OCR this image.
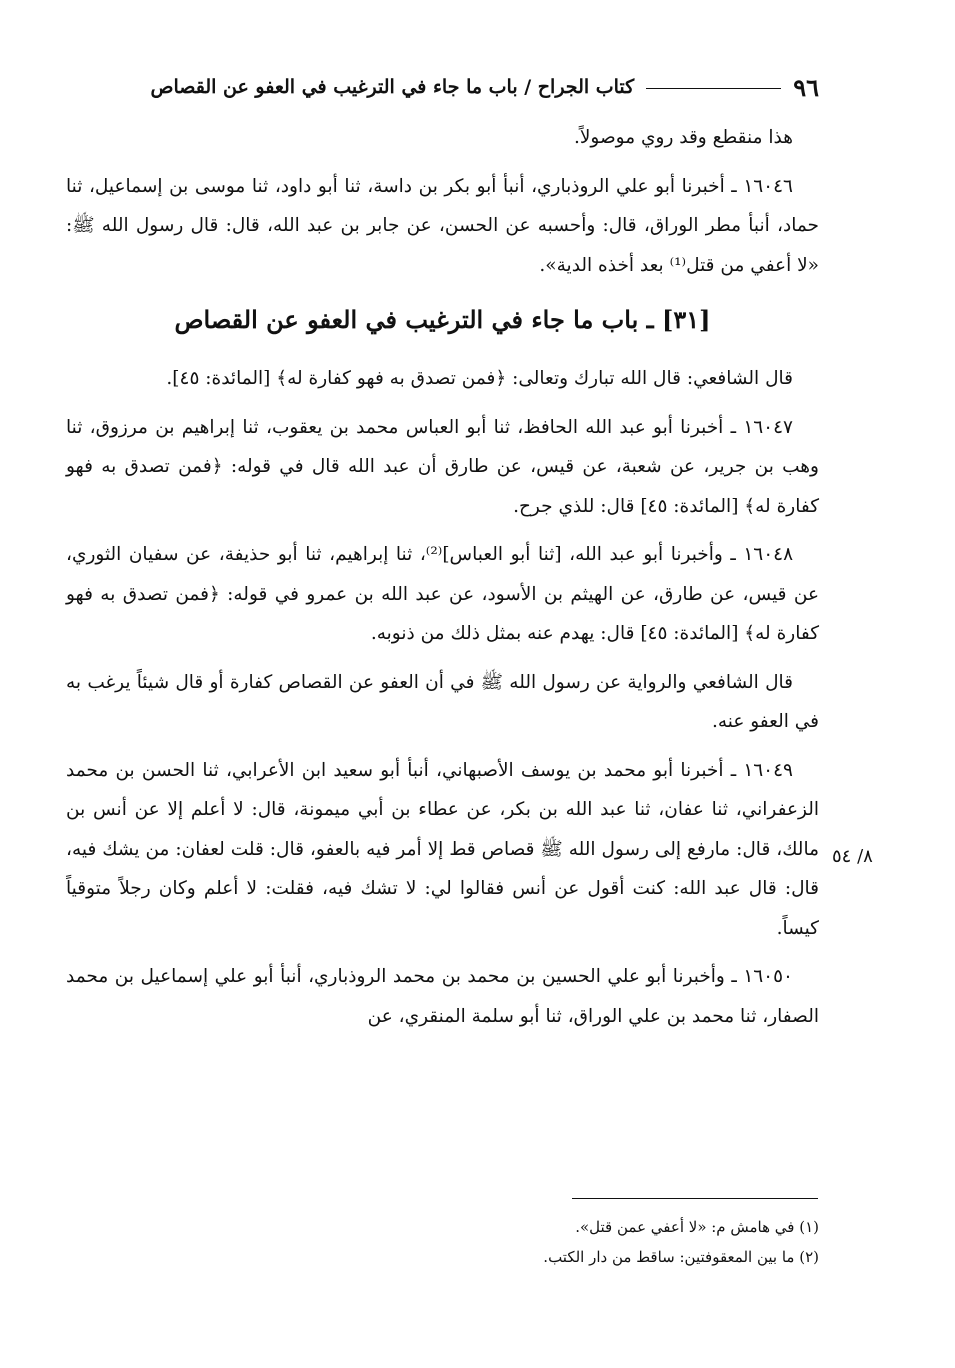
٩٦
كتاب الجراح / باب ما جاء في الترغيب في العفو عن القصاص
٨/ ٥٤

هذا منقطع وقد روي موصولاً.

١٦٠٤٦ ـ أخبرنا أبو علي الروذباري، أنبأ أبو بكر بن داسة، ثنا أبو داود، ثنا موسى بن إسماعيل، ثنا حماد، أنبأ مطر الوراق، قال: وأحسبه عن الحسن، عن جابر بن عبد الله، قال: قال رسول الله ﷺ: «لا أعفي من قتل⁽¹⁾ بعد أخذه الدية».

[٣١] ـ باب ما جاء في الترغيب في العفو عن القصاص

قال الشافعي: قال الله تبارك وتعالى: ﴿فمن تصدق به فهو كفارة له﴾ [المائدة: ٤٥].

١٦٠٤٧ ـ أخبرنا أبو عبد الله الحافظ، ثنا أبو العباس محمد بن يعقوب، ثنا إبراهيم بن مرزوق، ثنا وهب بن جرير، عن شعبة، عن قيس، عن طارق أن عبد الله قال في قوله: ﴿فمن تصدق به فهو كفارة له﴾ [المائدة: ٤٥] قال: للذي جرح.

١٦٠٤٨ ـ وأخبرنا أبو عبد الله، [ثنا أبو العباس]⁽²⁾، ثنا إبراهيم، ثنا أبو حذيفة، عن سفيان الثوري، عن قيس، عن طارق، عن الهيثم بن الأسود، عن عبد الله بن عمرو في قوله: ﴿فمن تصدق به فهو كفارة له﴾ [المائدة: ٤٥] قال: يهدم عنه بمثل ذلك من ذنوبه.

قال الشافعي والرواية عن رسول الله ﷺ في أن العفو عن القصاص كفارة أو قال شيئاً يرغب به في العفو عنه.

١٦٠٤٩ ـ أخبرنا أبو محمد بن يوسف الأصبهاني، أنبأ أبو سعيد ابن الأعرابي، ثنا الحسن بن محمد الزعفراني، ثنا عفان، ثنا عبد الله بن بكر، عن عطاء بن أبي ميمونة، قال: لا أعلم إلا عن أنس بن مالك، قال: مارفع إلى رسول الله ﷺ قصاص قط إلا أمر فيه بالعفو، قال: قلت لعفان: من يشك فيه، قال: قال عبد الله: كنت أقول عن أنس فقالوا لي: لا تشك فيه، فقلت: لا أعلم وكان رجلاً متوقياً كيساً.

١٦٠٥٠ ـ وأخبرنا أبو علي الحسين بن محمد بن محمد الروذباري، أنبأ أبو علي إسماعيل بن محمد الصفار، ثنا محمد بن علي الوراق، ثنا أبو سلمة المنقري، عن

(١) في هامش م: «لا أعفي عمن قتل».

(٢) ما بين المعقوفتين: ساقط من دار الكتب.
